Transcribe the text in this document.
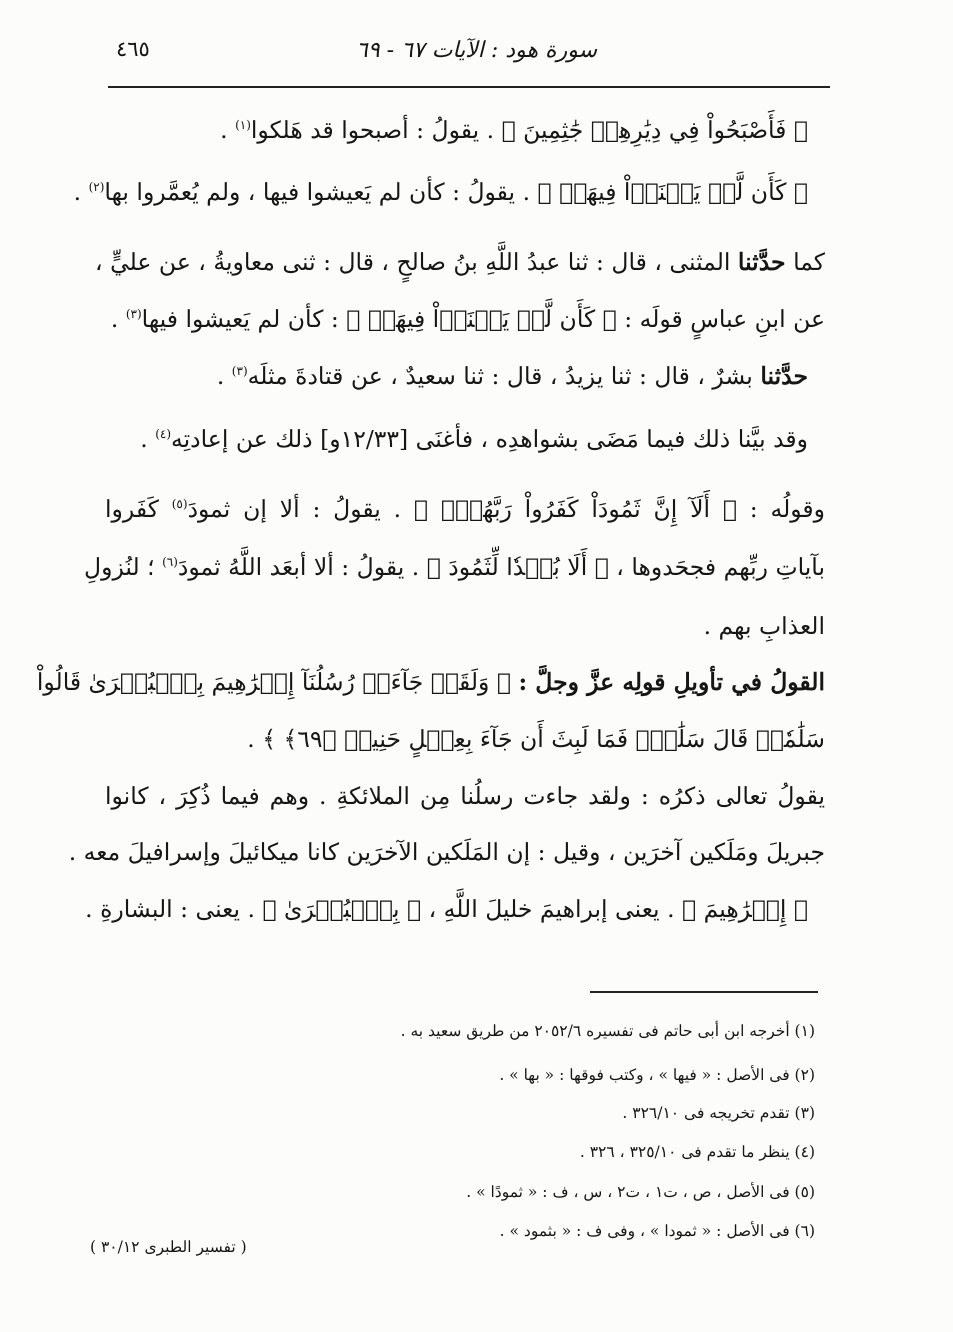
٤٦٥	سورة هود : الآيات ٦٧ - ٦٩
﴿ فَأَصْبَحُواْ فِي دِيَٰرِهِمۡ جَٰثِمِينَ ﴾ . يقولُ : أصبحوا قد هَلكوا$^{(١)}$ .
﴿ كَأَن لَّمۡ يَغۡنَوۡاْ فِيهَآۗ ﴾ . يقولُ : كأن لم يَعيشوا فيها ، ولم يُعمَّروا بها$^{(٢)}$ .
كما حدَّثنا المثنى ، قال : ثنا عبدُ اللَّهِ بنُ صالحٍ ، قال : ثنى معاويةُ ، عن عليٍّ ،
عن ابنِ عباسٍ قولَه : ﴿ كَأَن لَّمۡ يَغۡنَوۡاْ فِيهَآۗ ﴾ : كأن لم يَعيشوا فيها$^{(٣)}$ .
حدَّثنا بشرٌ ، قال : ثنا يزيدُ ، قال : ثنا سعيدٌ ، عن قتادةَ مثلَه$^{(٣)}$ .
وقد بيَّنا ذلك فيما مَضَى بشواهدِه ، فأغنَى [١٢/٣٣و] ذلك عن إعادتِه$^{(٤)}$ .
وقولُه : ﴿ أَلَآ إِنَّ ثَمُودَاْ كَفَرُواْ رَبَّهُمۡۗ ﴾ . يقولُ : ألا إن ثمودَ$^{(٥)}$ كَفَروا
بآياتِ ربِّهم فجحَدوها ، ﴿ أَلَا بُعۡدٗا لِّثَمُودَ ﴾ . يقولُ : ألا أبعَد اللَّهُ ثمودَ$^{(٦)}$ ؛ لنُزولِ
العذابِ بهم .
القولُ في تأويلِ قولِه عزَّ وجلَّ : ﴿ وَلَقَدۡ جَآءَتۡ رُسُلُنَآ إِبۡرَٰهِيمَ بِٱلۡبُشۡرَىٰ قَالُواْ
سَلَٰمٗاۖ قَالَ سَلَٰمٞۖ فَمَا لَبِثَ أَن جَآءَ بِعِجۡلٍ حَنِيذٖ ﴿٦٩﴾ ﴾ .
يقولُ تعالى ذكرُه : ولقد جاءت رسلُنا مِن الملائكةِ . وهم فيما ذُكِرَ ، كانوا
جبريلَ ومَلَكين آخرَين ، وقيل : إن المَلَكين الآخرَين كانا ميكائيلَ وإسرافيلَ معه .
﴿ إِبۡرَٰهِيمَ ﴾ . يعنى إبراهيمَ خليلَ اللَّهِ ، ﴿ بِٱلۡبُشۡرَىٰ ﴾ . يعنى : البشارةِ .
(١) أخرجه ابن أبى حاتم فى تفسيره ٢٠٥٢/٦ من طريق سعيد به .
(٢) فى الأصل : « فيها » ، وكتب فوقها : « بها » .
(٣) تقدم تخريجه فى ٣٢٦/١٠ .
(٤) ينظر ما تقدم فى ٣٢٥/١٠ ، ٣٢٦ .
(٥) فى الأصل ، ص ، ت١ ، ت٢ ، س ، ف : « ثمودًا » .
(٦) فى الأصل : « ثمودا » ، وفى ف : « بثمود » .
( تفسير الطبرى ٣٠/١٢ )
